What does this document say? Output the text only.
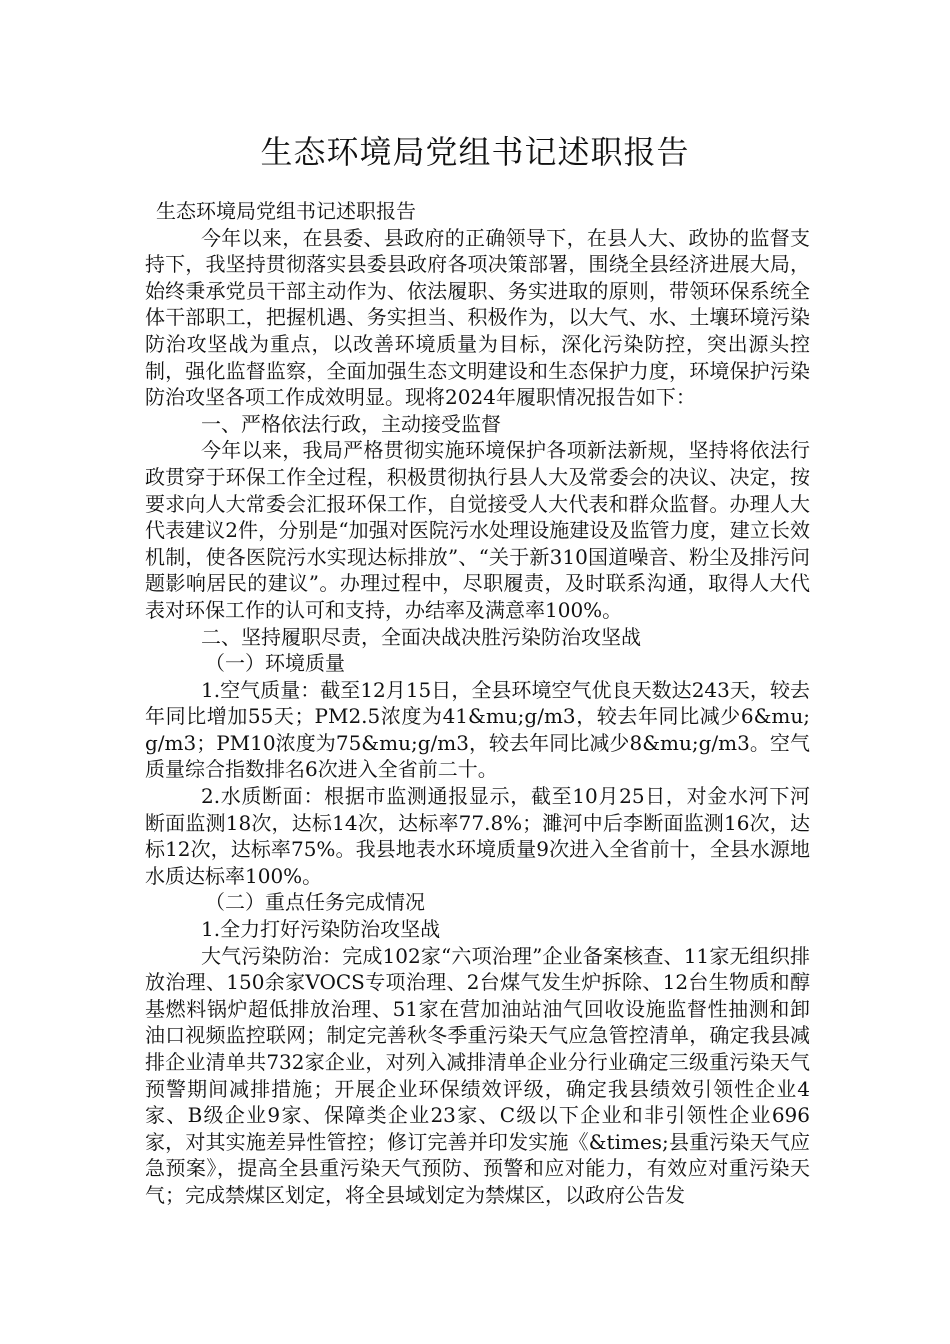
生态环境局党组书记述职报告

生态环境局党组书记述职报告

今年以来，在县委、县政府的正确领导下，在县人大、政协的监督支持下，我坚持贯彻落实县委县政府各项决策部署，围绕全县经济进展大局，始终秉承党员干部主动作为、依法履职、务实进取的原则，带领环保系统全体干部职工，把握机遇、务实担当、积极作为，以大气、水、土壤环境污染防治攻坚战为重点，以改善环境质量为目标，深化污染防控，突出源头控制，强化监督监察，全面加强生态文明建设和生态保护力度，环境保护污染防治攻坚各项工作成效明显。现将2024年履职情况报告如下：

一、严格依法行政，主动接受监督

今年以来，我局严格贯彻实施环境保护各项新法新规，坚持将依法行政贯穿于环保工作全过程，积极贯彻执行县人大及常委会的决议、决定，按要求向人大常委会汇报环保工作，自觉接受人大代表和群众监督。办理人大代表建议2件，分别是“加强对医院污水处理设施建设及监管力度，建立长效机制，使各医院污水实现达标排放”、“关于新310国道噪音、粉尘及排污问题影响居民的建议”。办理过程中，尽职履责，及时联系沟通，取得人大代表对环保工作的认可和支持，办结率及满意率100%。

二、坚持履职尽责，全面决战决胜污染防治攻坚战

（一）环境质量

1.空气质量：截至12月15日，全县环境空气优良天数达243天，较去年同比增加55天；PM2.5浓度为41&mu;g/m3，较去年同比减少6&mu;g/m3；PM10浓度为75&mu;g/m3，较去年同比减少8&mu;g/m3。空气质量综合指数排名6次进入全省前二十。

2.水质断面：根据市监测通报显示，截至10月25日，对金水河下河断面监测18次，达标14次，达标率77.8%；濉河中后李断面监测16次，达标12次，达标率75%。我县地表水环境质量9次进入全省前十，全县水源地水质达标率100%。

（二）重点任务完成情况

1.全力打好污染防治攻坚战

大气污染防治：完成102家“六项治理”企业备案核查、11家无组织排放治理、150余家VOCS专项治理、2台煤气发生炉拆除、12台生物质和醇基燃料锅炉超低排放治理、51家在营加油站油气回收设施监督性抽测和卸油口视频监控联网；制定完善秋冬季重污染天气应急管控清单，确定我县减排企业清单共732家企业，对列入减排清单企业分行业确定三级重污染天气预警期间减排措施；开展企业环保绩效评级，确定我县绩效引领性企业4家、B级企业9家、保障类企业23家、C级以下企业和非引领性企业696家，对其实施差异性管控；修订完善并印发实施《&times;县重污染天气应急预案》，提高全县重污染天气预防、预警和应对能力，有效应对重污染天气；完成禁煤区划定，将全县域划定为禁煤区，以政府公告发
